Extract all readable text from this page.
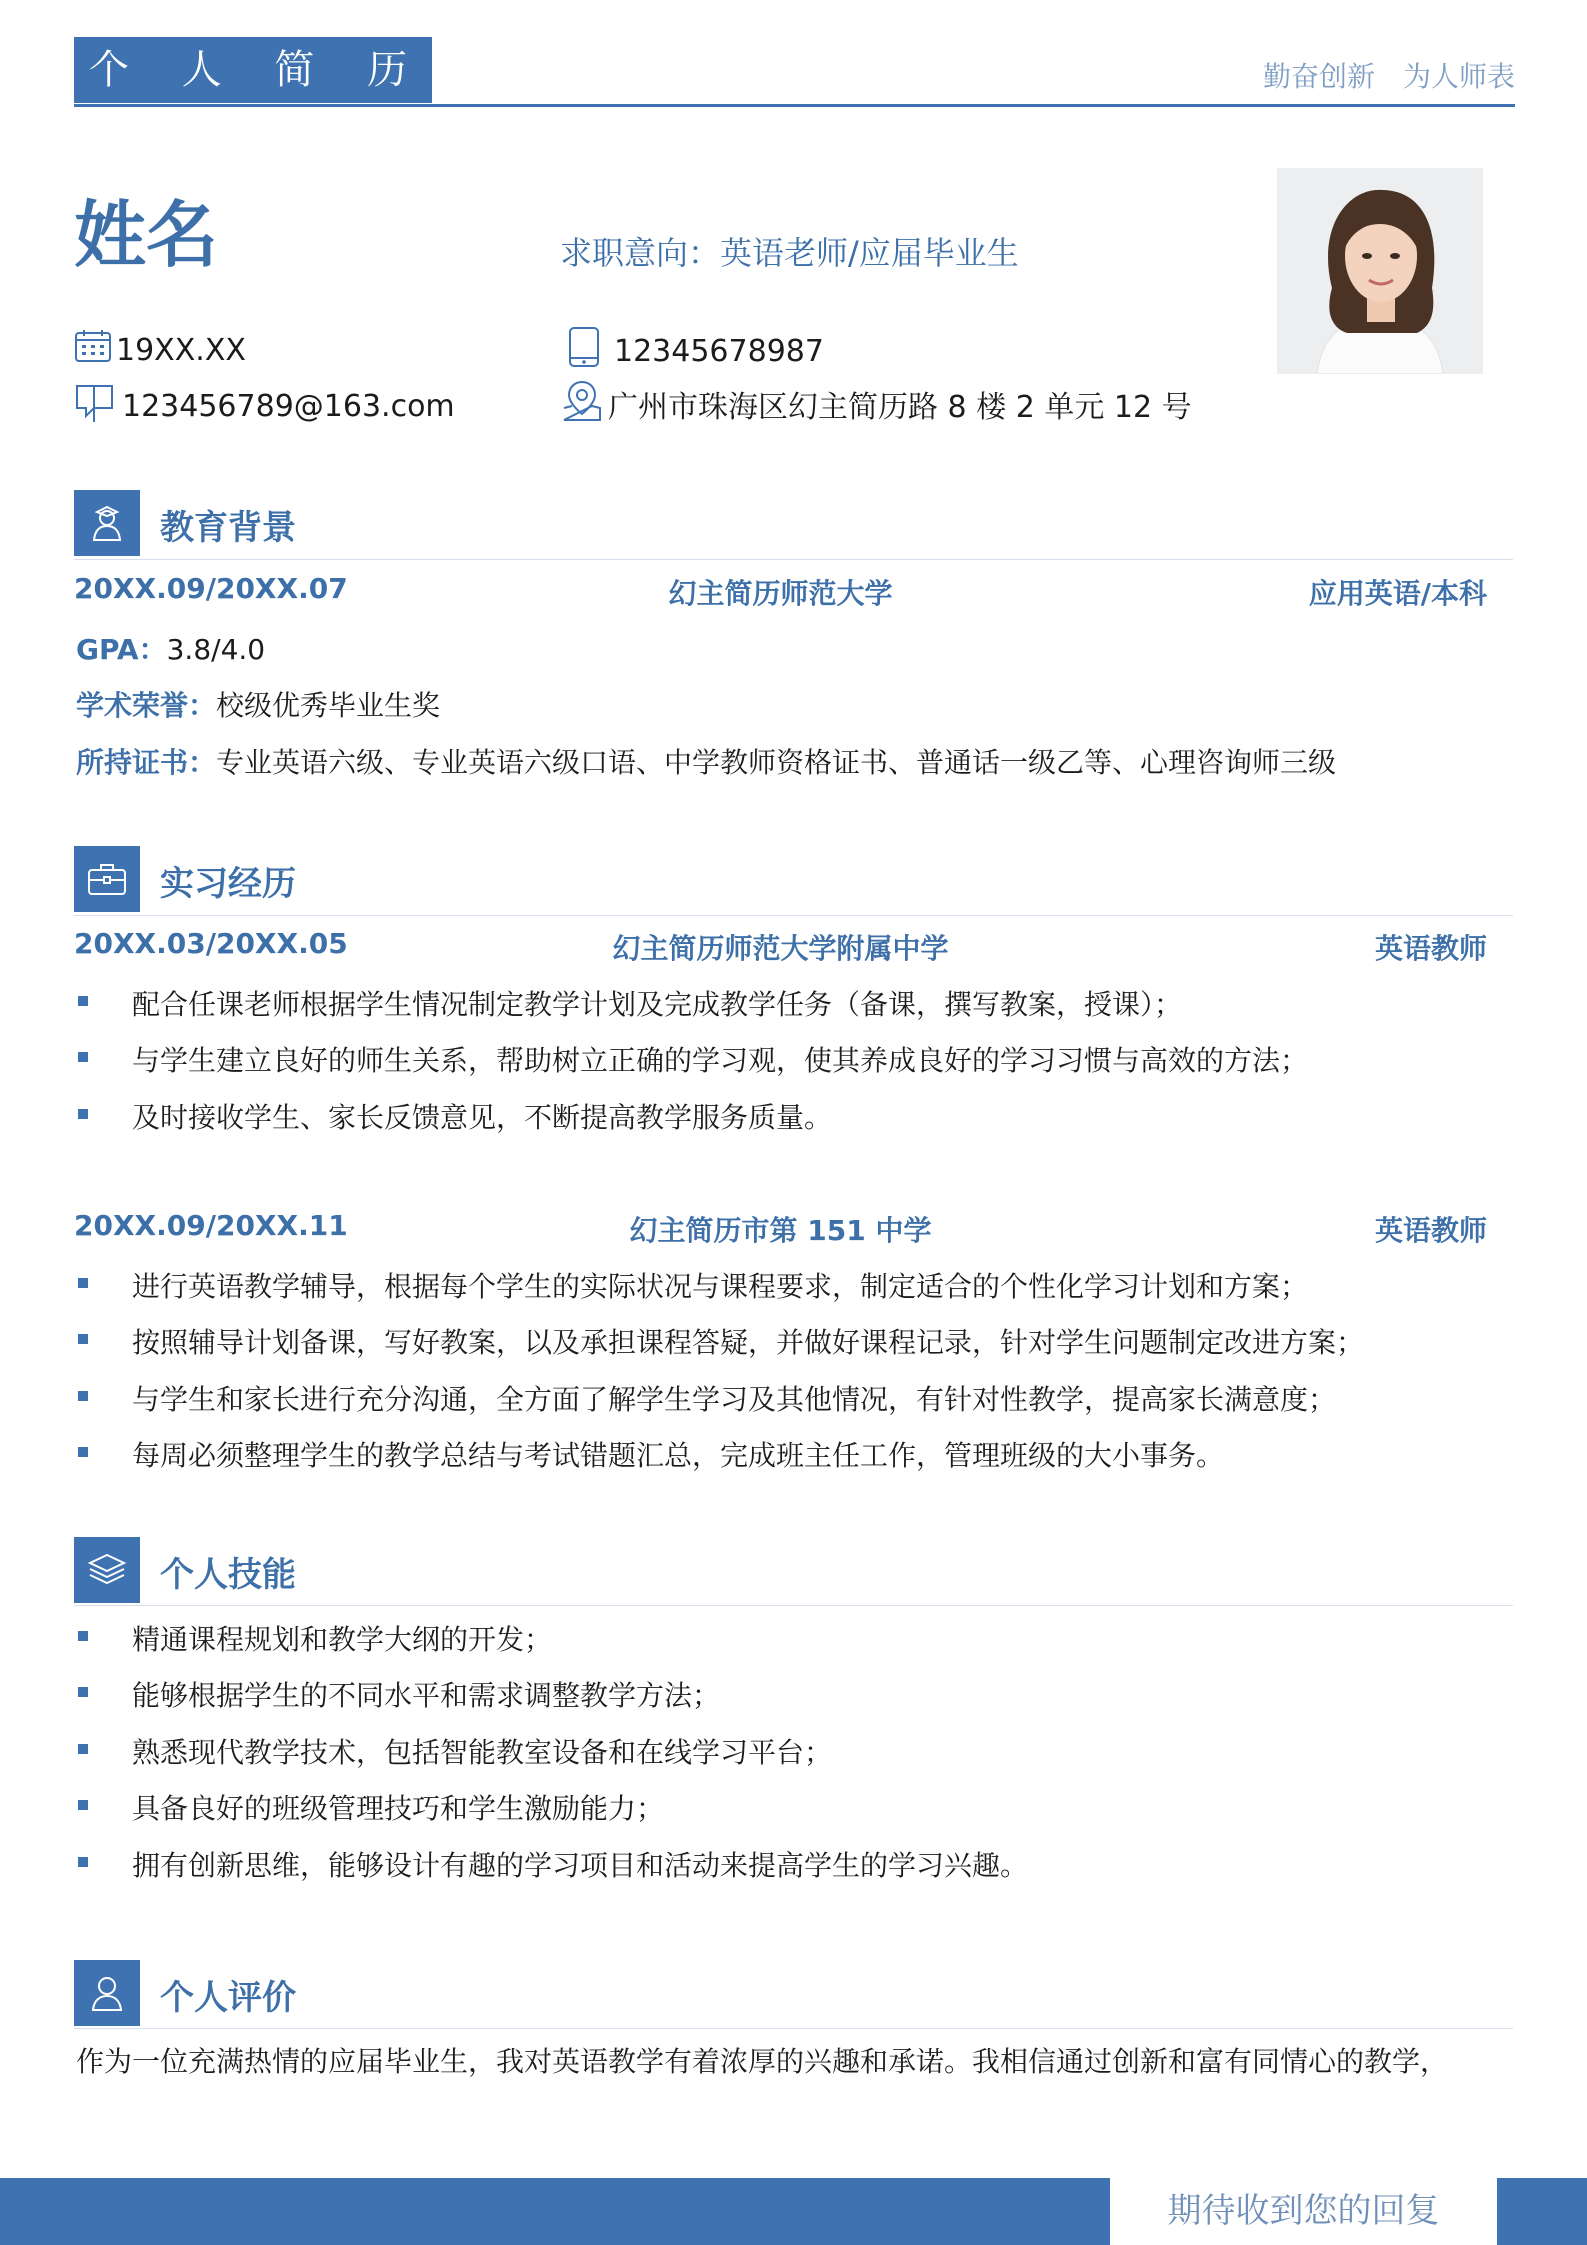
个 人 简 历	勤奋创新　为人师表
姓名	求职意向：英语老师/应届毕业生
19XX.XX	12345678987
123456789@163.com	广州市珠海区幻主简历路 8 楼 2 单元 12 号
教育背景
20XX.09/20XX.07	幻主简历师范大学	应用英语/本科
GPA：3.8/4.0
学术荣誉：校级优秀毕业生奖
所持证书：专业英语六级、专业英语六级口语、中学教师资格证书、普通话一级乙等、心理咨询师三级
实习经历
20XX.03/20XX.05	幻主简历师范大学附属中学	英语教师
配合任课老师根据学生情况制定教学计划及完成教学任务（备课，撰写教案，授课）；
与学生建立良好的师生关系，帮助树立正确的学习观，使其养成良好的学习习惯与高效的方法；
及时接收学生、家长反馈意见，不断提高教学服务质量。
20XX.09/20XX.11	幻主简历市第 151 中学	英语教师
进行英语教学辅导，根据每个学生的实际状况与课程要求，制定适合的个性化学习计划和方案；
按照辅导计划备课，写好教案，以及承担课程答疑，并做好课程记录，针对学生问题制定改进方案；
与学生和家长进行充分沟通，全方面了解学生学习及其他情况，有针对性教学，提高家长满意度；
每周必须整理学生的教学总结与考试错题汇总，完成班主任工作，管理班级的大小事务。
个人技能
精通课程规划和教学大纲的开发；
能够根据学生的不同水平和需求调整教学方法；
熟悉现代教学技术，包括智能教室设备和在线学习平台；
具备良好的班级管理技巧和学生激励能力；
拥有创新思维，能够设计有趣的学习项目和活动来提高学生的学习兴趣。
个人评价
作为一位充满热情的应届毕业生，我对英语教学有着浓厚的兴趣和承诺。我相信通过创新和富有同情心的教学，
期待收到您的回复
